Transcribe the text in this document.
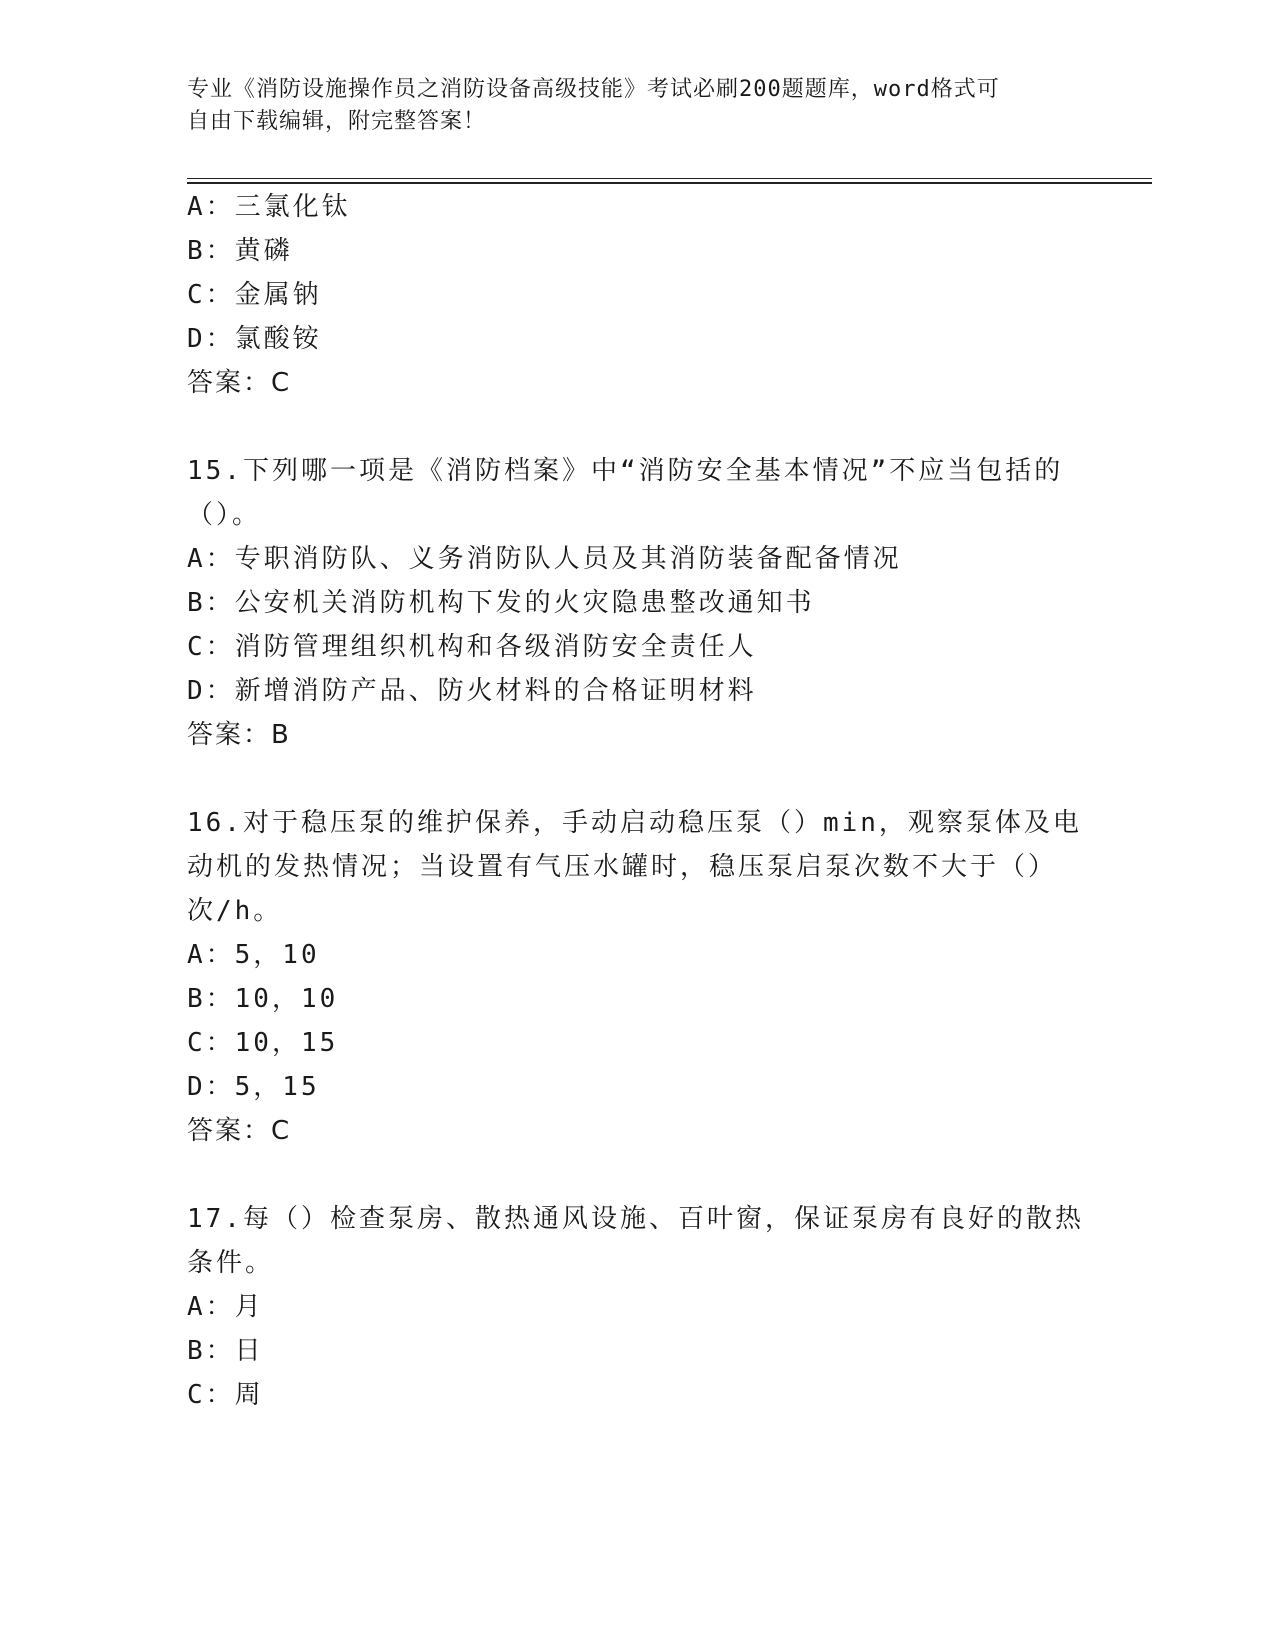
专业《消防设施操作员之消防设备高级技能》考试必刷200题题库，word格式可
自由下载编辑，附完整答案！
A：三氯化钛
B：黄磷
C：金属钠
D：氯酸铵
答案：C
15.下列哪一项是《消防档案》中“消防安全基本情况”不应当包括的
（）。
A：专职消防队、义务消防队人员及其消防装备配备情况
B：公安机关消防机构下发的火灾隐患整改通知书
C：消防管理组织机构和各级消防安全责任人
D：新增消防产品、防火材料的合格证明材料
答案：B
16.对于稳压泵的维护保养，手动启动稳压泵（）min，观察泵体及电
动机的发热情况；当设置有气压水罐时，稳压泵启泵次数不大于（）
次/h。
A：5，10
B：10，10
C：10，15
D：5，15
答案：C
17.每（）检查泵房、散热通风设施、百叶窗，保证泵房有良好的散热
条件。
A：月
B：日
C：周
